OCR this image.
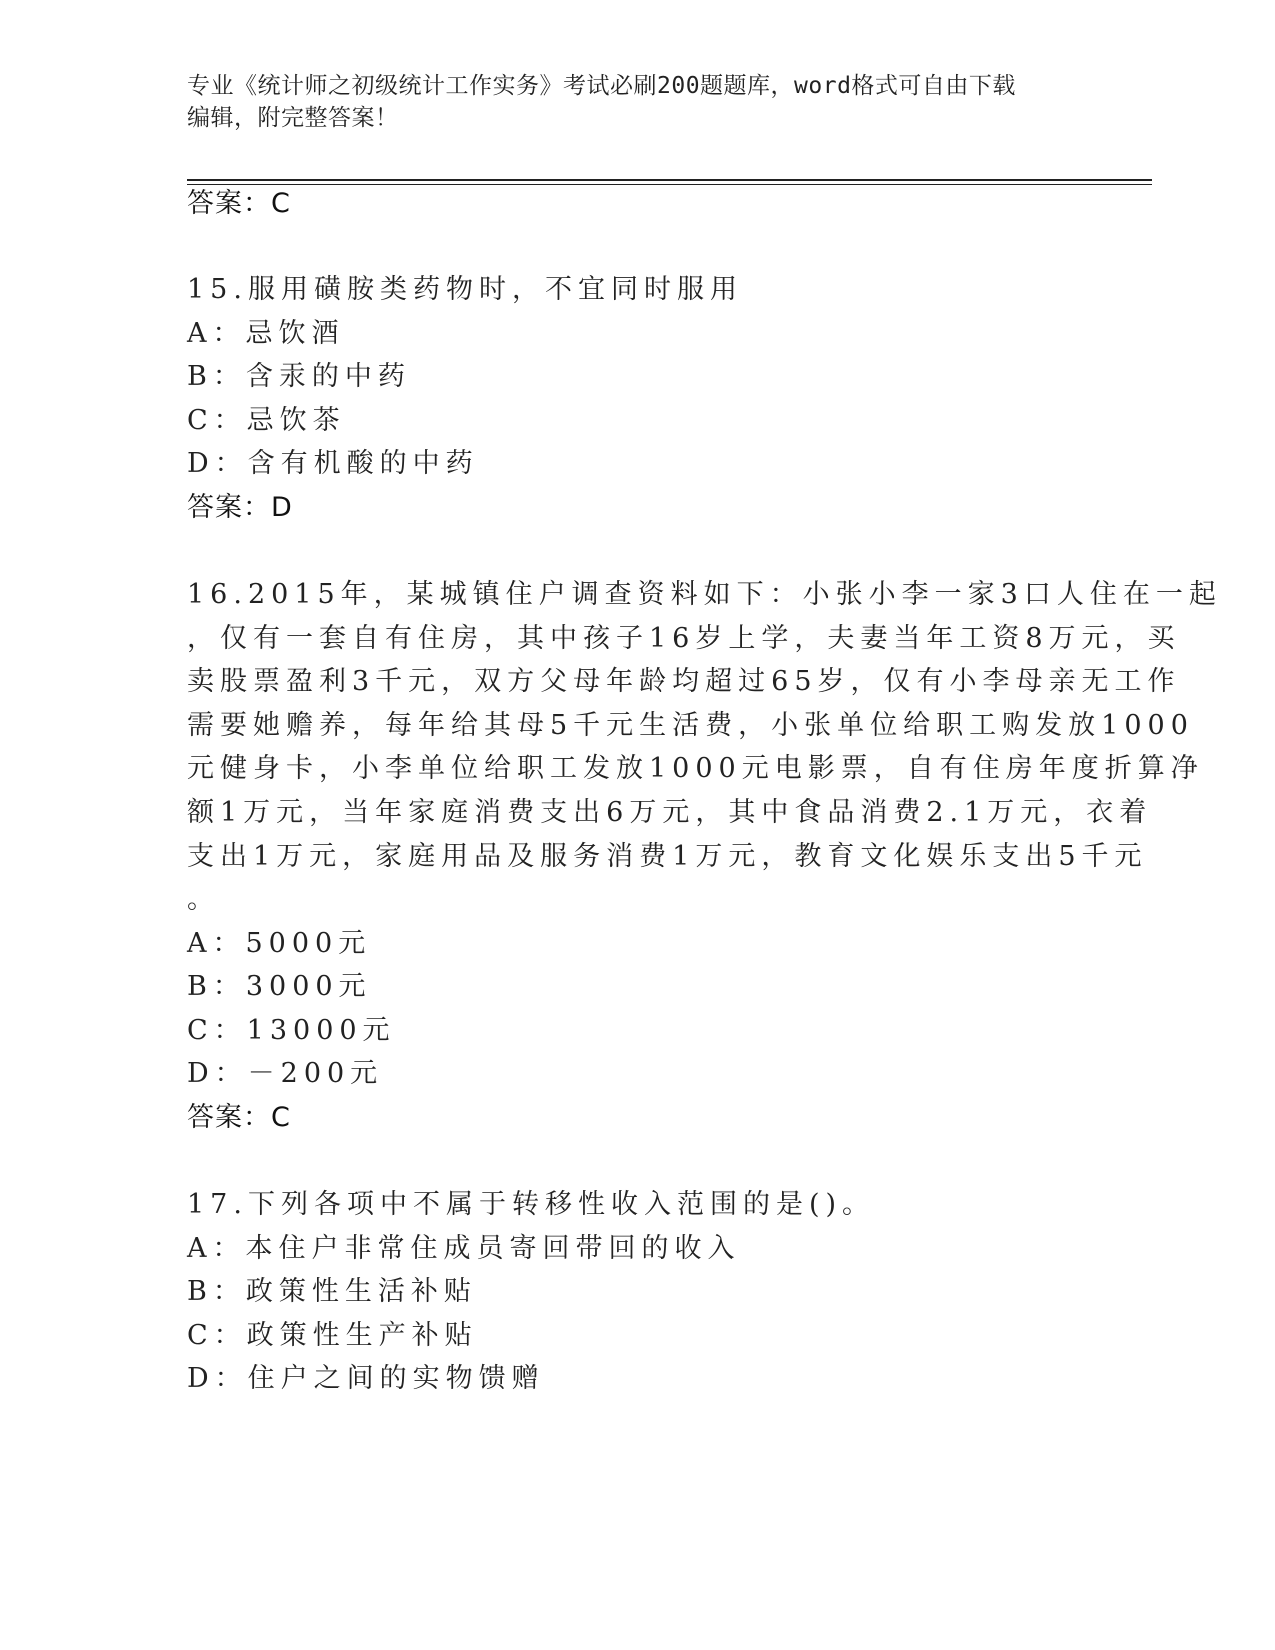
专业《统计师之初级统计工作实务》考试必刷200题题库，word格式可自由下载
编辑，附完整答案！
答案：C
15.服用磺胺类药物时，不宜同时服用
A：忌饮酒
B：含汞的中药
C：忌饮茶
D：含有机酸的中药
答案：D
16.2015年，某城镇住户调查资料如下：小张小李一家3口人住在一起
，仅有一套自有住房，其中孩子16岁上学，夫妻当年工资8万元，买
卖股票盈利3千元，双方父母年龄均超过65岁，仅有小李母亲无工作
需要她赡养，每年给其母5千元生活费，小张单位给职工购发放1000
元健身卡，小李单位给职工发放1000元电影票，自有住房年度折算净
额1万元，当年家庭消费支出6万元，其中食品消费2.1万元，衣着
支出1万元，家庭用品及服务消费1万元，教育文化娱乐支出5千元
。
A：5000元
B：3000元
C：13000元
D：－200元
答案：C
17.下列各项中不属于转移性收入范围的是()。
A：本住户非常住成员寄回带回的收入
B：政策性生活补贴
C：政策性生产补贴
D：住户之间的实物馈赠
